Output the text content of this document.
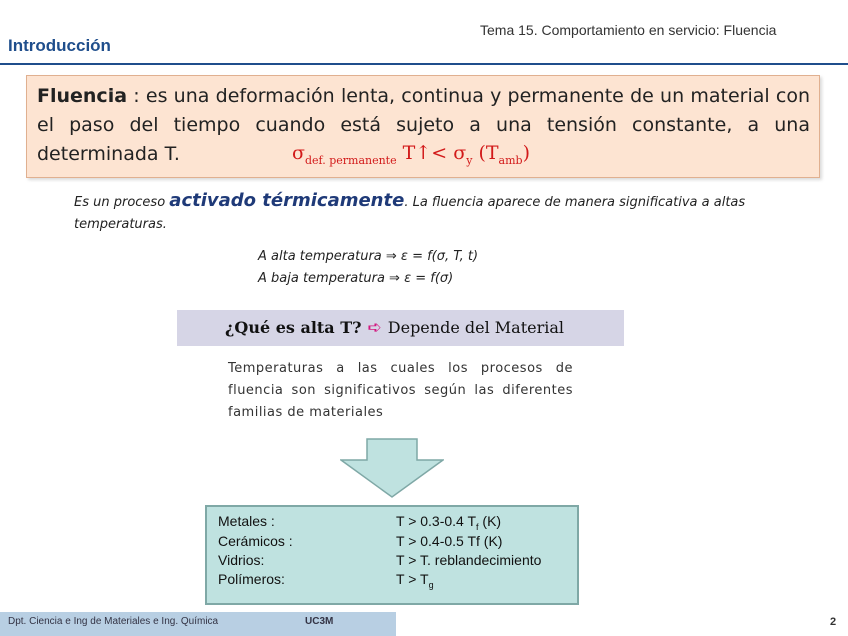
Tema 15. Comportamiento en servicio: Fluencia
Introducción
Fluencia : es una deformación lenta, continua y permanente de un material con el paso del tiempo cuando está sujeto a una tensión constante, a una determinada T.	$\sigma_{def. permanente}$ T↑< $\sigma_y$ $(T_{amb})$
Es un proceso activado térmicamente. La fluencia aparece de manera significativa a altas temperaturas.
A alta temperatura ⇒ ε = f(σ, T, t)
A baja temperatura ⇒ ε = f(σ)
¿Qué es alta T? ➪ Depende del Material
Temperaturas a las cuales los procesos de fluencia son significativos según las diferentes familias de materiales
Metales :	T > 0.3-0.4 $T_f$ (K)
Cerámicos :	T > 0.4-0.5 Tf (K)
Vidrios:	T > T. reblandecimiento
Polímeros:	$T > T_g$
Dpt. Ciencia e Ing de Materiales e Ing. Química	UC3M	2
